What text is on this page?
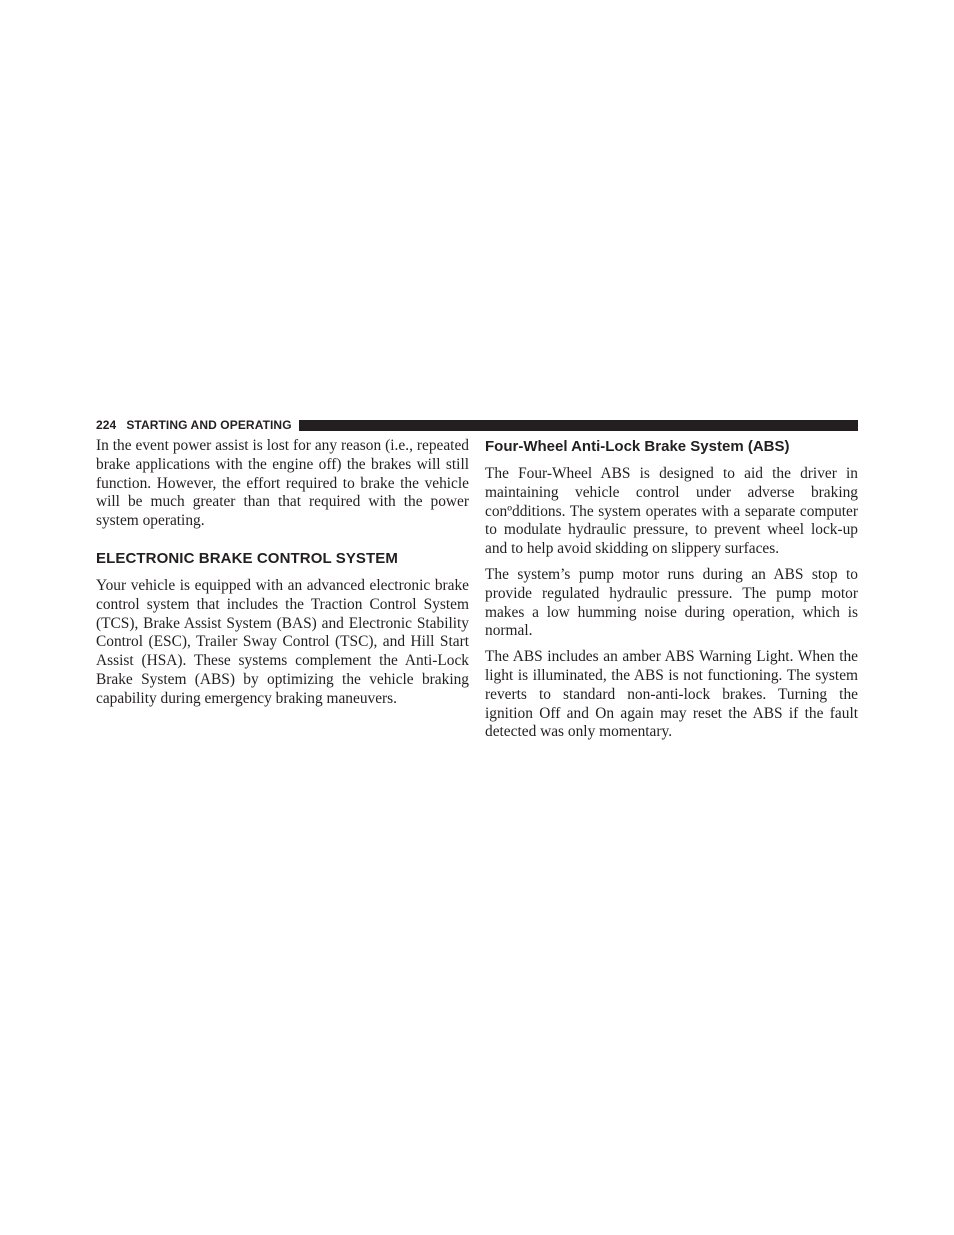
224 STARTING AND OPERATING

In the event power assist is lost for any reason (i.e., repeated brake applications with the engine off) the brakes will still function. However, the effort required to brake the vehicle will be much greater than that required with the power system operating.

ELECTRONIC BRAKE CONTROL SYSTEM

Your vehicle is equipped with an advanced electronic brake control system that includes the Traction Control System (TCS), Brake Assist System (BAS) and Electronic Stability Control (ESC), Trailer Sway Control (TSC), and Hill Start Assist (HSA). These systems complement the Anti-Lock Brake System (ABS) by optimizing the vehicle braking capability during emergency braking maneuvers.

Four-Wheel Anti-Lock Brake System (ABS)

The Four-Wheel ABS is designed to aid the driver in maintaining vehicle control under adverse braking conºdditions. The system operates with a separate computer to modulate hydraulic pressure, to prevent wheel lock-up and to help avoid skidding on slippery surfaces.

The system’s pump motor runs during an ABS stop to provide regulated hydraulic pressure. The pump motor makes a low humming noise during operation, which is normal.

The ABS includes an amber ABS Warning Light. When the light is illuminated, the ABS is not functioning. The system reverts to standard non-anti-lock brakes. Turning the ignition Off and On again may reset the ABS if the fault detected was only momentary.
